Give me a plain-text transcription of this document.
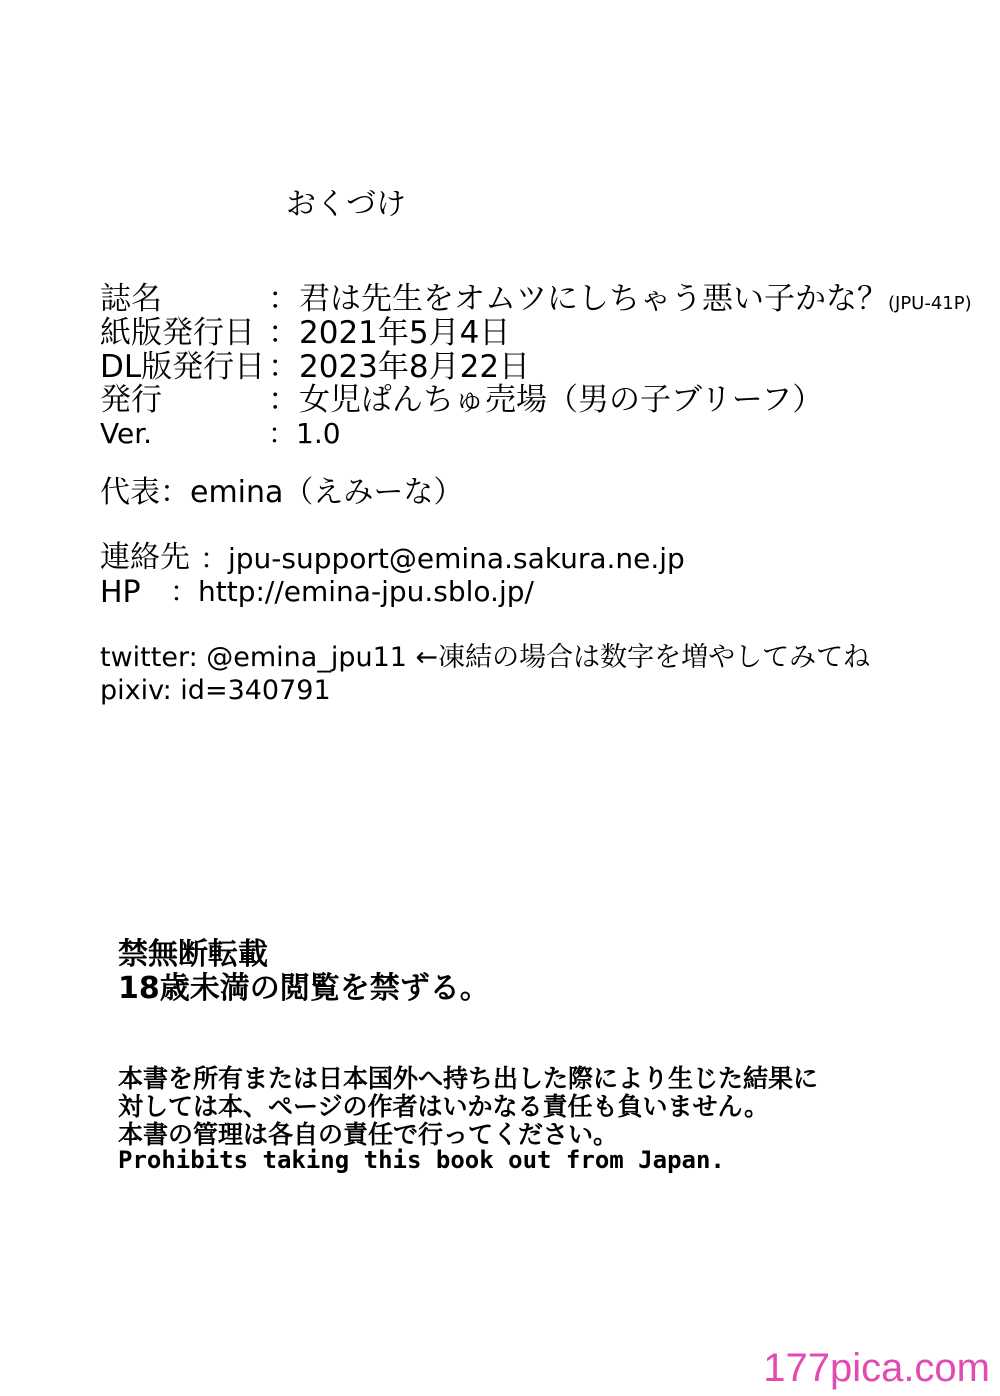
おくづけ
誌名	：君は先生をオムツにしちゃう悪い子かな？(JPU-41P)
紙版発行日 ：2021年5月4日
DL版発行日 ：2023年8月22日
発行	：女児ぱんちゅ売場（男の子ブリーフ）
Ver.	：1.0
代表：emina（えみーな）
連絡先 ：jpu-support@emina.sakura.ne.jp
HP ：http://emina-jpu.sblo.jp/
twitter: @emina_jpu11 ←凍結の場合は数字を増やしてみてね
pixiv: id=340791
禁無断転載
18歳未満の閲覧を禁ずる。
本書を所有または日本国外へ持ち出した際により生じた結果に
対しては本、ページの作者はいかなる責任も負いません。
本書の管理は各自の責任で行ってください。
Prohibits taking this book out from Japan.
177pica.com
